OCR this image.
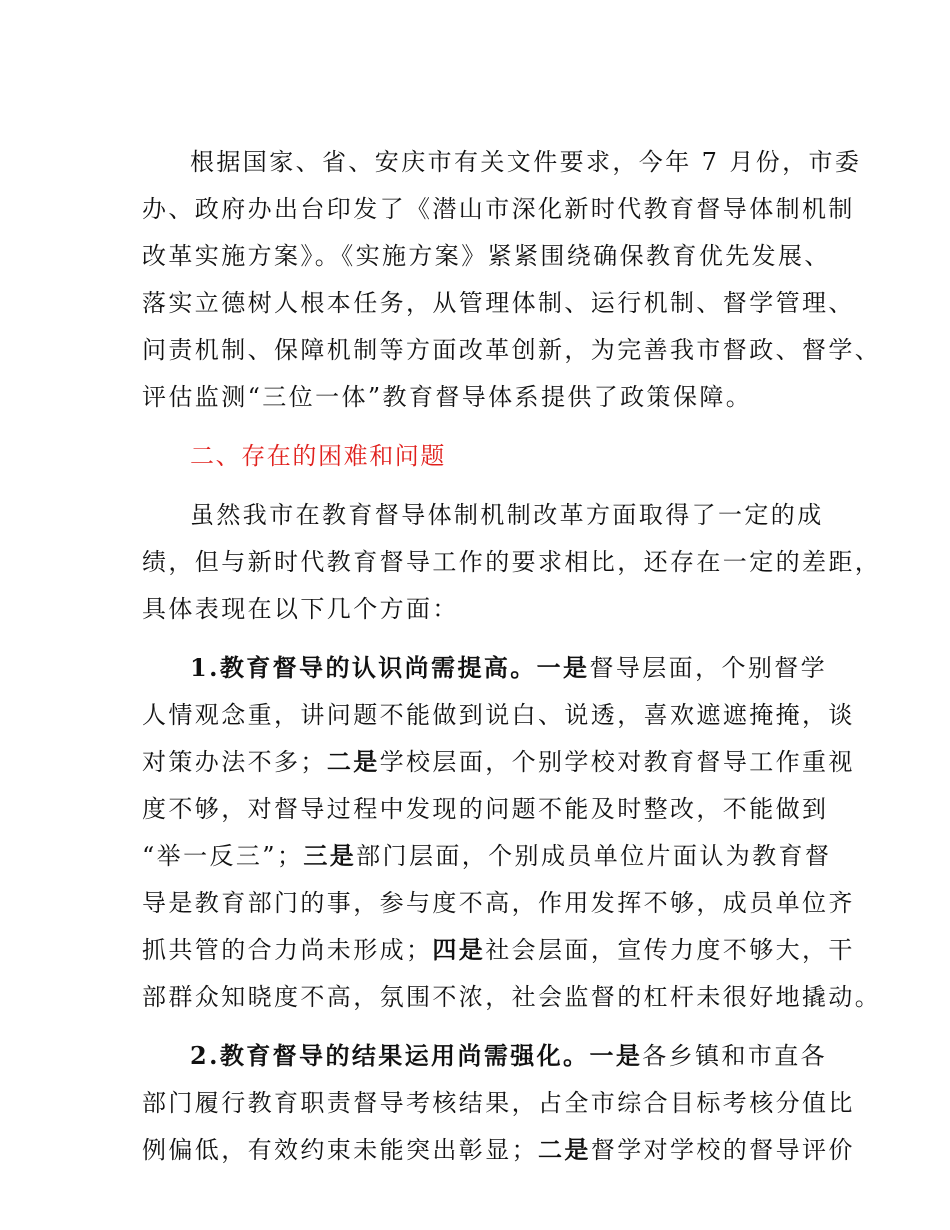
根据国家、省、安庆市有关文件要求，今年 7 月份，市委
办、政府办出台印发了《潜山市深化新时代教育督导体制机制
改革实施方案》。《实施方案》紧紧围绕确保教育优先发展、
落实立德树人根本任务，从管理体制、运行机制、督学管理、
问责机制、保障机制等方面改革创新，为完善我市督政、督学、
评估监测“三位一体”教育督导体系提供了政策保障。
二、存在的困难和问题
虽然我市在教育督导体制机制改革方面取得了一定的成
绩，但与新时代教育督导工作的要求相比，还存在一定的差距，
具体表现在以下几个方面：
1.教育督导的认识尚需提高。一是督导层面，个别督学
人情观念重，讲问题不能做到说白、说透，喜欢遮遮掩掩，谈
对策办法不多；二是学校层面，个别学校对教育督导工作重视
度不够，对督导过程中发现的问题不能及时整改，不能做到
“举一反三”；三是部门层面，个别成员单位片面认为教育督
导是教育部门的事，参与度不高，作用发挥不够，成员单位齐
抓共管的合力尚未形成；四是社会层面，宣传力度不够大，干
部群众知晓度不高，氛围不浓，社会监督的杠杆未很好地撬动。
2.教育督导的结果运用尚需强化。一是各乡镇和市直各
部门履行教育职责督导考核结果，占全市综合目标考核分值比
例偏低，有效约束未能突出彰显；二是督学对学校的督导评价
